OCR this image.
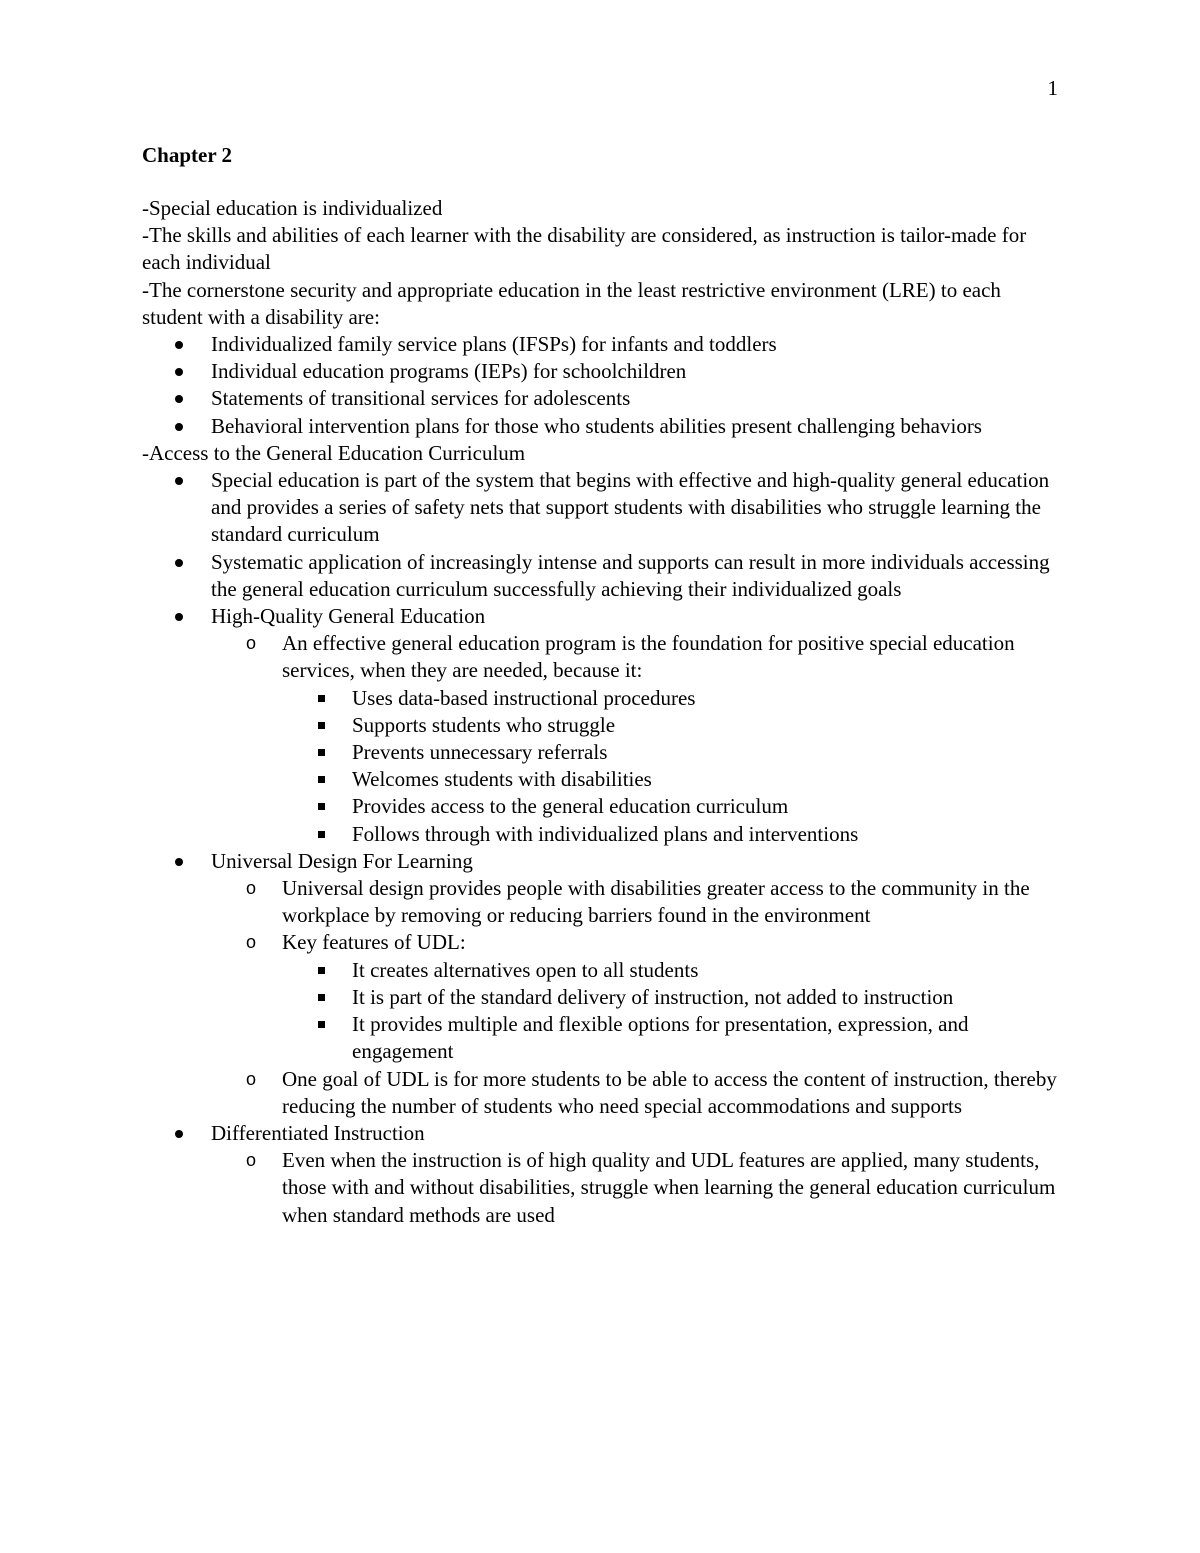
1
Chapter 2

-Special education is individualized

-The skills and abilities of each learner with the disability are considered, as instruction is tailor-made for each individual

-The cornerstone security and appropriate education in the least restrictive environment (LRE) to each student with a disability are:

Individualized family service plans (IFSPs) for infants and toddlers
Individual education programs (IEPs) for schoolchildren
Statements of transitional services for adolescents
Behavioral intervention plans for those who students abilities present challenging behaviors

-Access to the General Education Curriculum

Special education is part of the system that begins with effective and high-quality general education and provides a series of safety nets that support students with disabilities who struggle learning the standard curriculum
Systematic application of increasingly intense and supports can result in more individuals accessing the general education curriculum successfully achieving their individualized goals
High-Quality General Education
o An effective general education program is the foundation for positive special education services, when they are needed, because it:
Uses data-based instructional procedures
Supports students who struggle
Prevents unnecessary referrals
Welcomes students with disabilities
Provides access to the general education curriculum
Follows through with individualized plans and interventions
Universal Design For Learning
o Universal design provides people with disabilities greater access to the community in the workplace by removing or reducing barriers found in the environment
o Key features of UDL:
It creates alternatives open to all students
It is part of the standard delivery of instruction, not added to instruction
It provides multiple and flexible options for presentation, expression, and engagement
o One goal of UDL is for more students to be able to access the content of instruction, thereby reducing the number of students who need special accommodations and supports
Differentiated Instruction
o Even when the instruction is of high quality and UDL features are applied, many students, those with and without disabilities, struggle when learning the general education curriculum when standard methods are used
